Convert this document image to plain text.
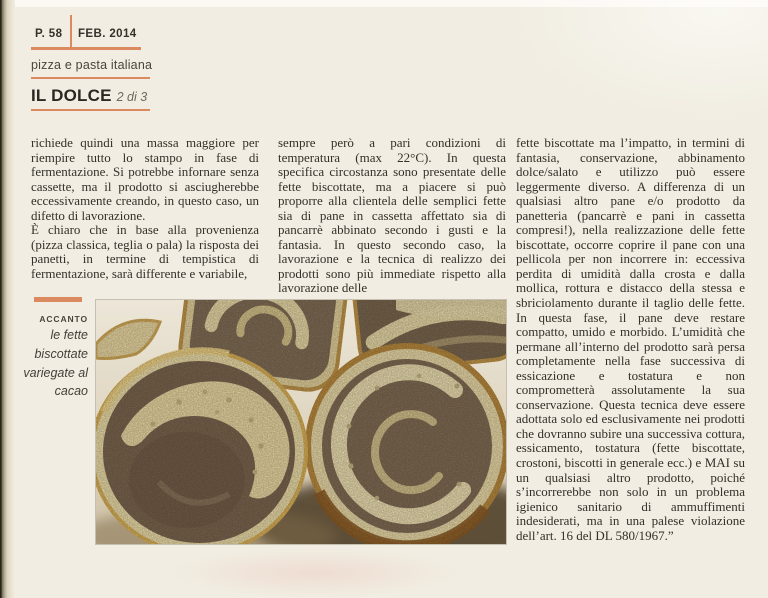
P. 58 FEB. 2014
pizza e pasta italiana
IL DOLCE 2 di 3

richiede quindi una massa maggiore per riempire tutto lo stampo in fase di fermentazione. Si potrebbe infornare senza cassette, ma il prodotto si asciugherebbe eccessivamente creando, in questo caso, un difetto di lavorazione.

È chiaro che in base alla provenienza (pizza classica, teglia o pala) la risposta dei panetti, in termine di tempistica di fermentazione, sarà differente e variabile,

sempre però a pari condizioni di temperatura (max 22°C). In questa specifica circostanza sono presentate delle fette biscottate, ma a piacere si può proporre alla clientela delle semplici fette sia di pane in cassetta affettato sia di pancarrè abbinato secondo i gusti e la fantasia. In questo secondo caso, la lavorazione e la tecnica di realizzo dei prodotti sono più immediate rispetto alla lavorazione delle

fette biscottate ma l’impatto, in termini di fantasia, conservazione, abbinamento dolce/salato e utilizzo può essere leggermente diverso. A differenza di un qualsiasi altro pane e/o prodotto da panetteria (pancarrè e pani in cassetta compresi!), nella realizzazione delle fette biscottate, occorre coprire il pane con una pellicola per non incorrere in: eccessiva perdita di umidità dalla crosta e dalla mollica, rottura e distacco della stessa e sbriciolamento durante il taglio delle fette. In questa fase, il pane deve restare compatto, umido e morbido. L’umidità che permane all’interno del prodotto sarà persa completamente nella fase successiva di essicazione e tostatura e non comprometterà assolutamente la sua conservazione. Questa tecnica deve essere adottata solo ed esclusivamente nei prodotti che dovranno subire una successiva cottura, essicamento, tostatura (fette biscottate, crostoni, biscotti in generale ecc.) e MAI su un qualsiasi altro prodotto, poiché s’incorrerebbe non solo in un problema igienico sanitario di ammuffimenti indesiderati, ma in una palese violazione dell’art. 16 del DL 580/1967.”

ACCANTO
le fette biscottate variegate al cacao
